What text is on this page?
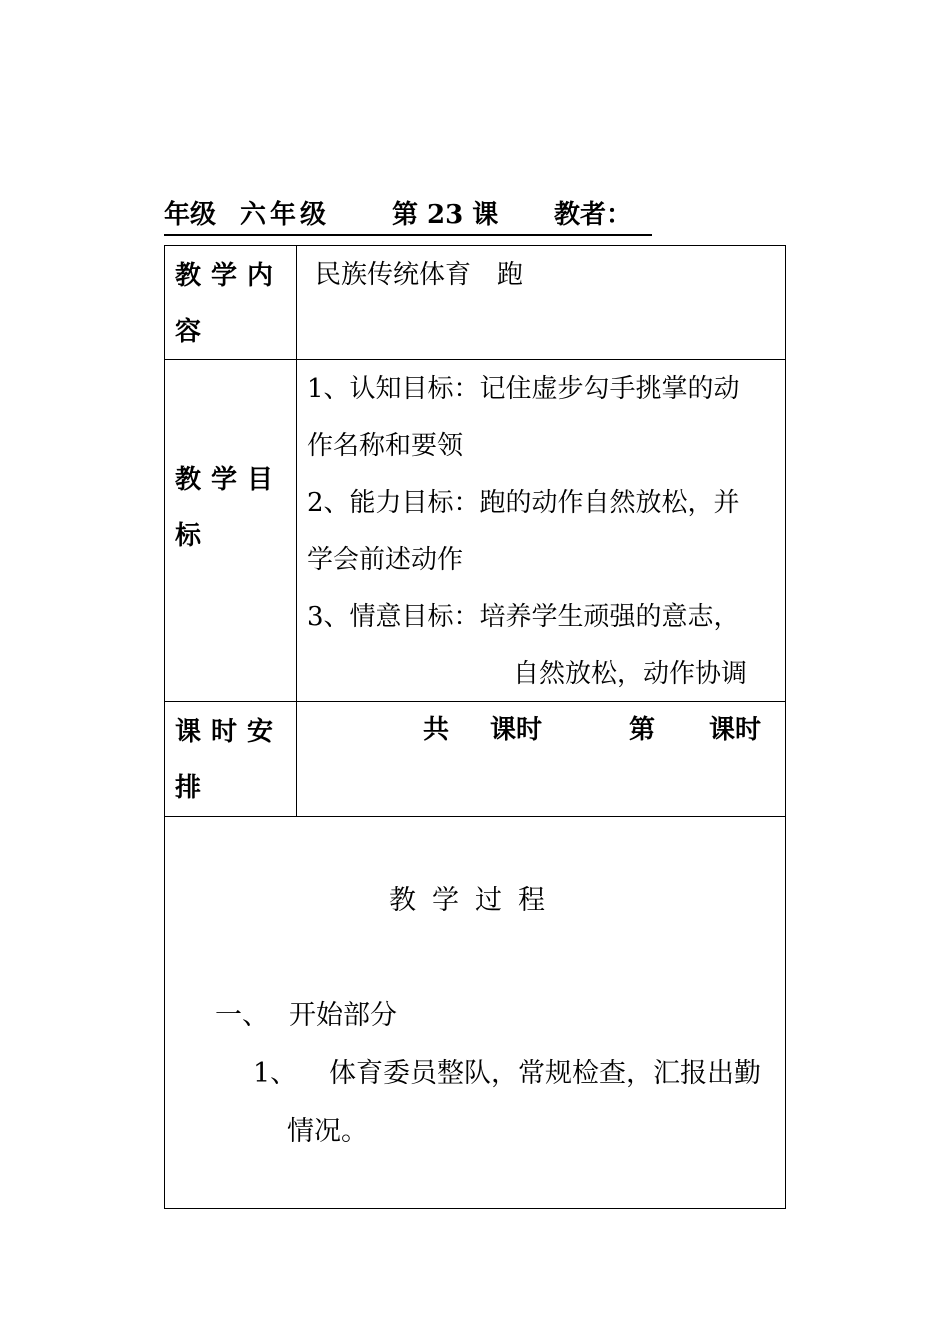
年级 六年级 第 23 课 教者：
教学内
容
民族传统体育　跑
教学目
标
1、认知目标：记住虚步勾手挑掌的动
作名称和要领
2、能力目标：跑的动作自然放松，并
学会前述动作
3、情意目标：培养学生顽强的意志，
自然放松，动作协调
课时安
排
共 课时	第 课时
教学过程
一、 开始部分
1、 体育委员整队，常规检查，汇报出勤
情况。
